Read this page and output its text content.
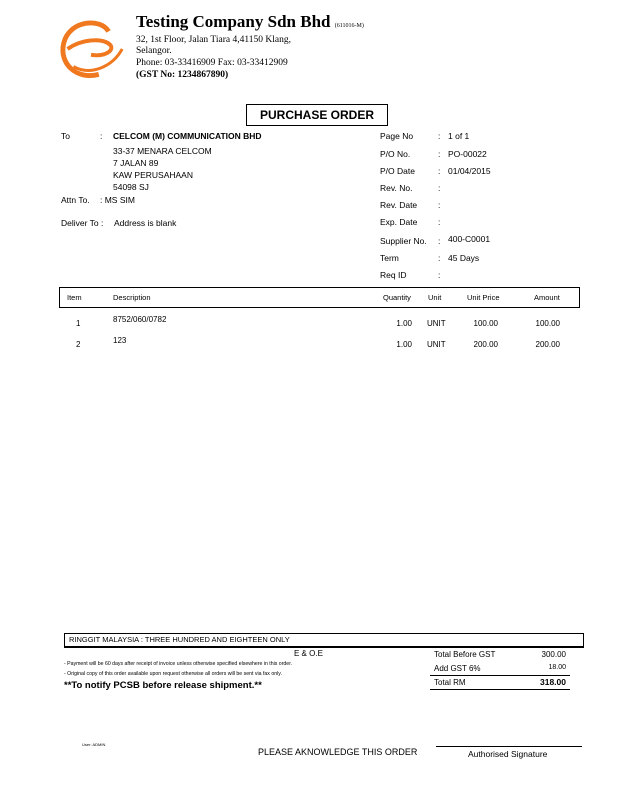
Testing Company Sdn Bhd (611016-M)
32, 1st Floor, Jalan Tiara 4,41150 Klang,
Selangor.
Phone: 03-33416909 Fax: 03-33412909
(GST No: 1234867890)
PURCHASE ORDER
To	: CELCOM (M) COMMUNICATION BHD
33-37 MENARA CELCOM
7 JALAN 89
KAW PERUSAHAAN
54098 SJ
Attn To. : MS SIM
Deliver To : Address is blank
Page No	: 1 of 1
P/O No.	: PO-00022
P/O Date	: 01/04/2015
Rev. No.	:
Rev. Date :
Exp. Date :
Supplier No. : 400-C0001
Term	: 45 Days
Req ID	:
Item	Description	Quantity Unit	Unit Price	Amount
1	8752/060/0782	1.00 UNIT	100.00	100.00
2	123	1.00 UNIT	200.00	200.00
RINGGIT MALAYSIA : THREE HUNDRED AND EIGHTEEN ONLY
E & O.E
- Payment will be 60 days after receipt of invoice unless otherwise specified elsewhere in this order.
- Original copy of this order available upon request otherwise all orders will be sent via fax only.
**To notify PCSB before release shipment.**
Total Before GST	300.00
Add GST 6%	18.00
Total RM	318.00
User: ADMIN
PLEASE AKNOWLEDGE THIS ORDER	Authorised Signature
